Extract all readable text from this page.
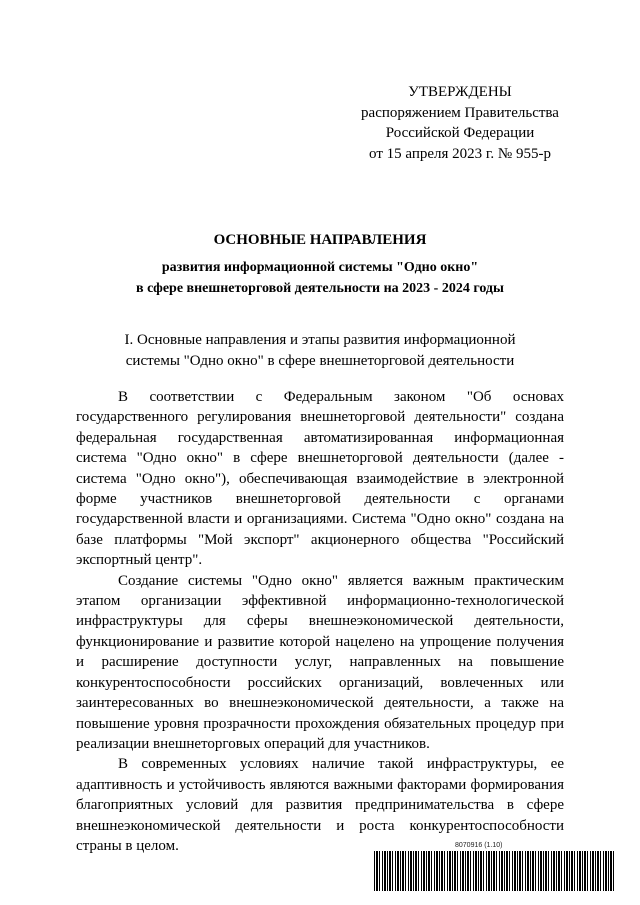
УТВЕРЖДЕНЫ
распоряжением Правительства
Российской Федерации
от 15 апреля 2023 г. № 955-р
ОСНОВНЫЕ НАПРАВЛЕНИЯ
развития информационной системы "Одно окно"
в сфере внешнеторговой деятельности на 2023 - 2024 годы
I. Основные направления и этапы развития информационной
системы "Одно окно" в сфере внешнеторговой деятельности

В соответствии с Федеральным законом "Об основах государственного регулирования внешнеторговой деятельности" создана федеральная государственная автоматизированная информационная система "Одно окно" в сфере внешнеторговой деятельности (далее - система "Одно окно"), обеспечивающая взаимодействие в электронной форме участников внешнеторговой деятельности с органами государственной власти и организациями. Система "Одно окно" создана на базе платформы "Мой экспорт" акционерного общества "Российский экспортный центр".

Создание системы "Одно окно" является важным практическим этапом организации эффективной информационно-технологической инфраструктуры для сферы внешнеэкономической деятельности, функционирование и развитие которой нацелено на упрощение получения и расширение доступности услуг, направленных на повышение конкурентоспособности российских организаций, вовлеченных или заинтересованных во внешнеэкономической деятельности, а также на повышение уровня прозрачности прохождения обязательных процедур при реализации внешнеторговых операций для участников.

В современных условиях наличие такой инфраструктуры, ее адаптивность и устойчивость являются важными факторами формирования благоприятных условий для развития предпринимательства в сфере внешнеэкономической деятельности и роста конкурентоспособности страны в целом.	8070916 (1.10)
